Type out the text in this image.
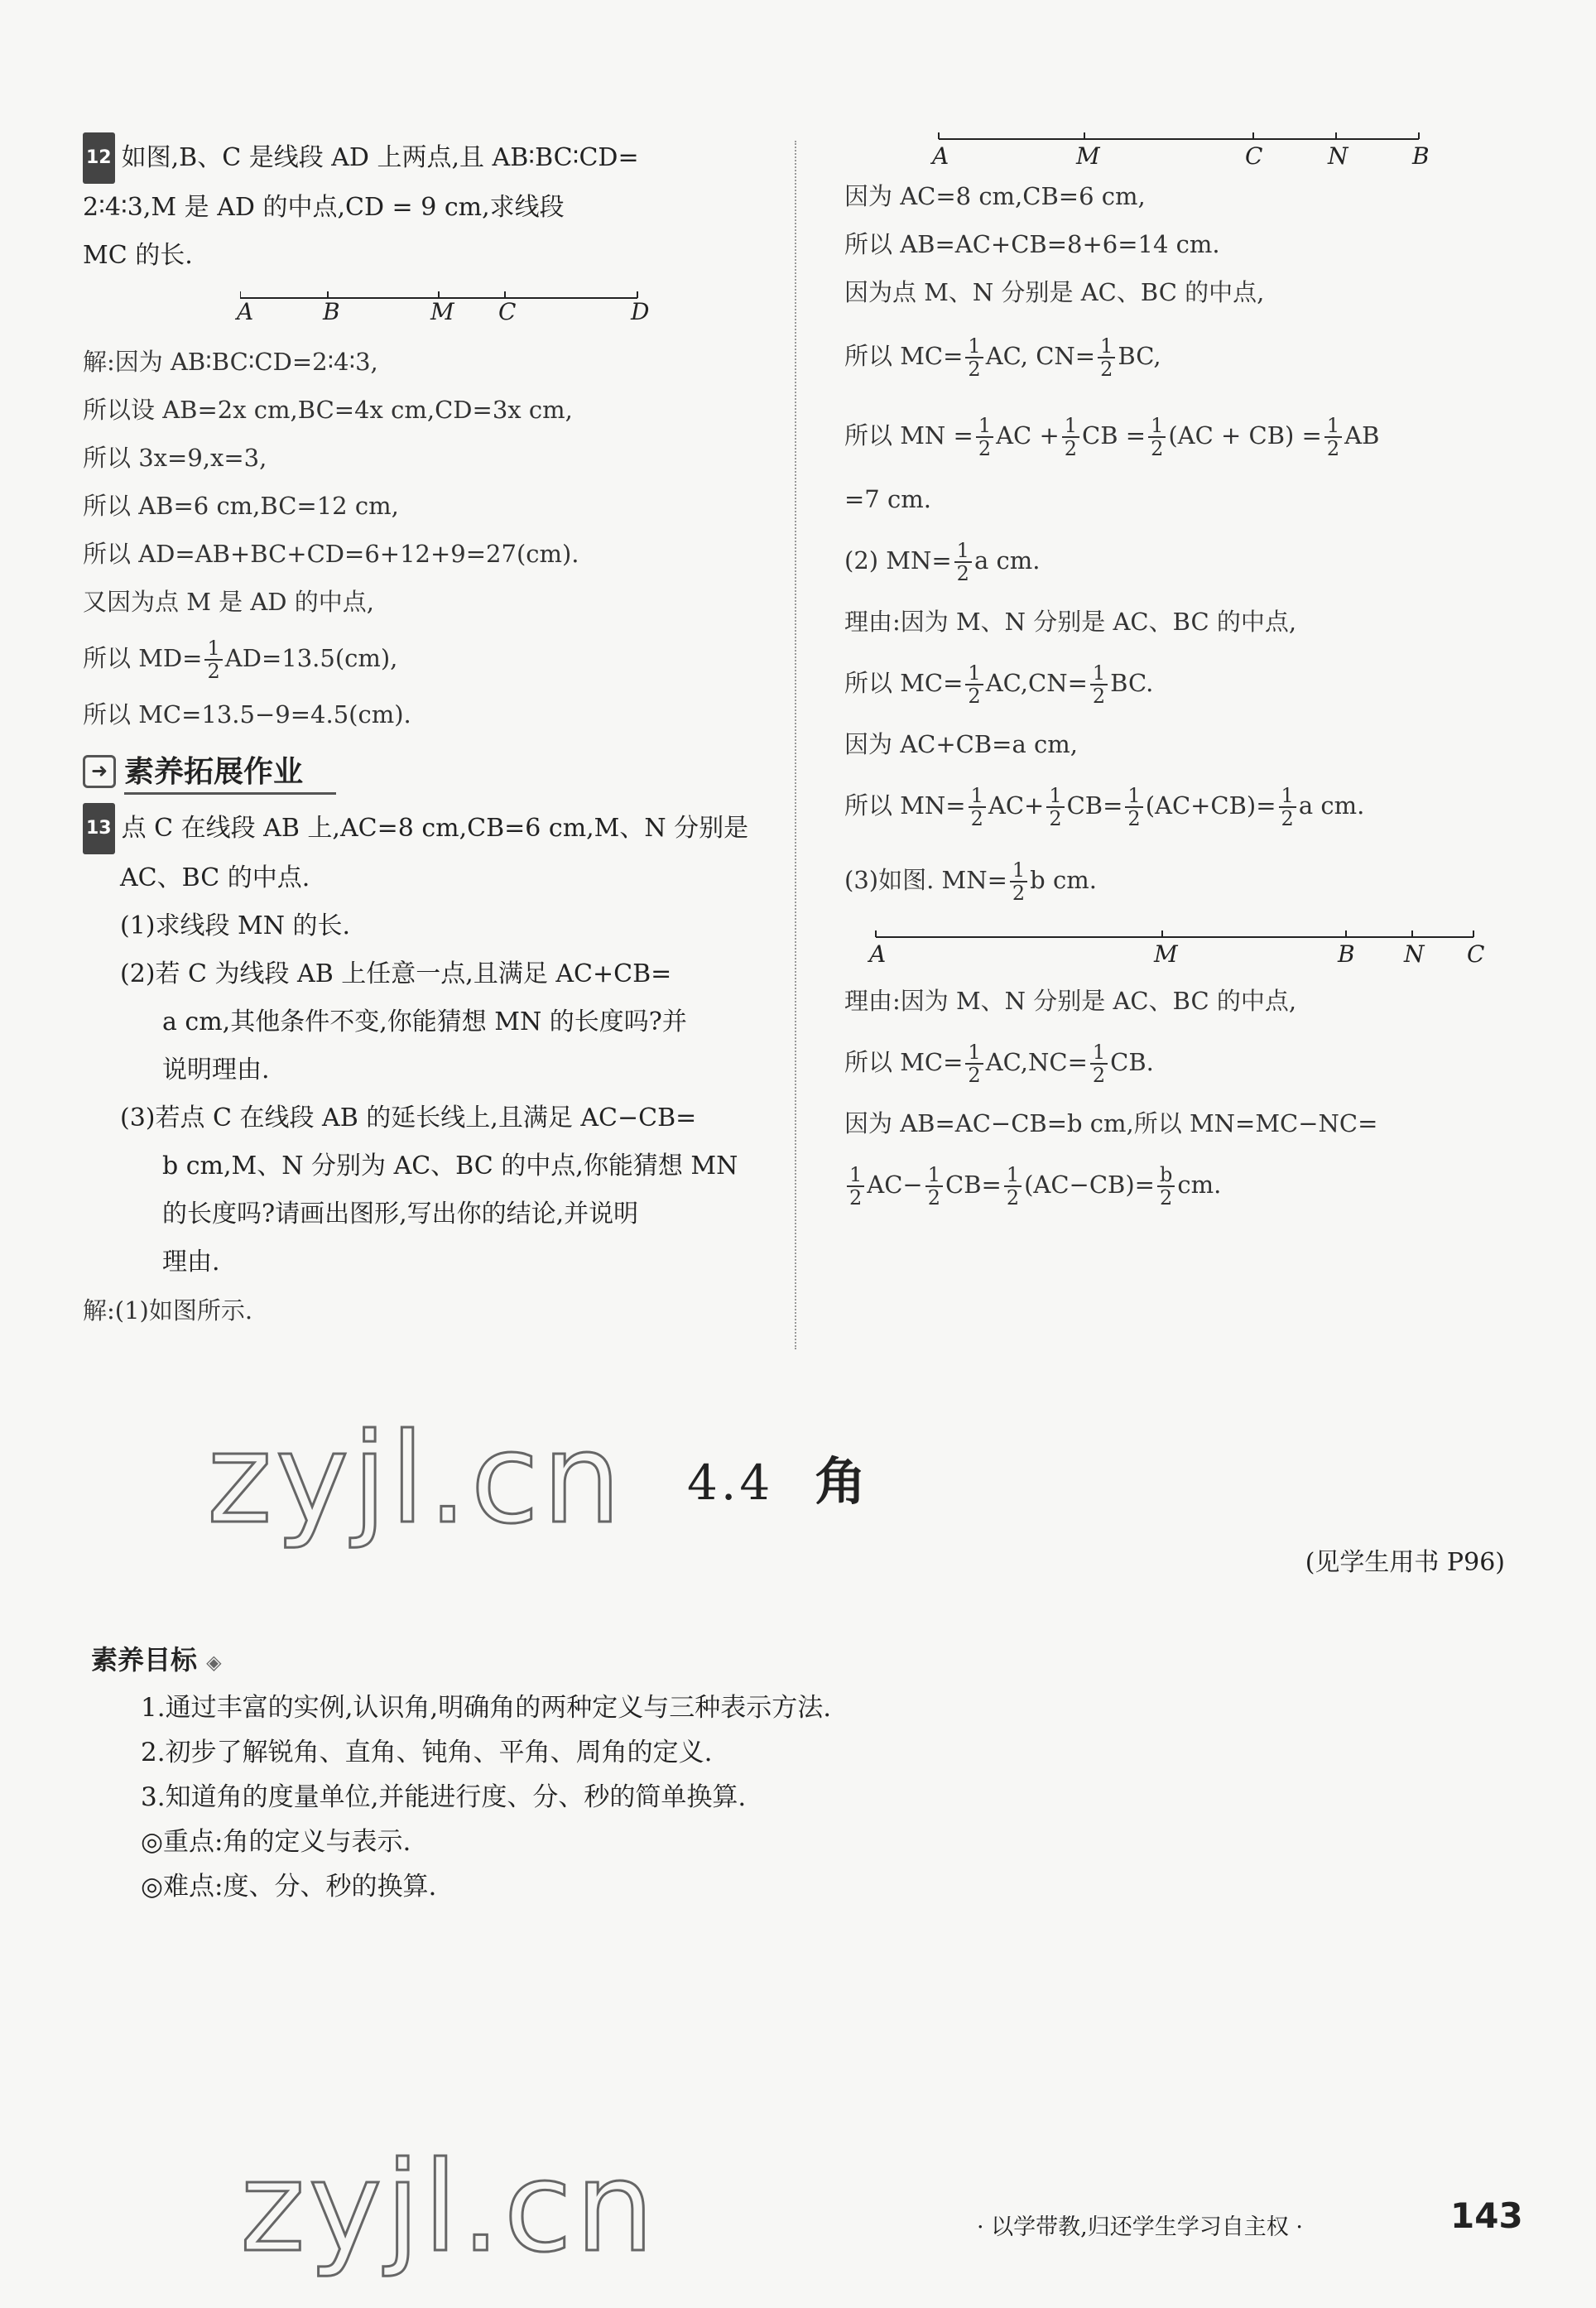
12 如图,B、C 是线段 AD 上两点,且 AB∶BC∶CD=
2∶4∶3,M 是 AD 的中点,CD = 9 cm,求线段
MC 的长.
A	B	M C	D
解:因为 AB∶BC∶CD=2∶4∶3,
所以设 AB=2x cm,BC=4x cm,CD=3x cm,
所以 3x=9,x=3,
所以 AB=6 cm,BC=12 cm,
所以 AD=AB+BC+CD=6+12+9=27(cm).
又因为点 M 是 AD 的中点,
所以 $MD= \frac{1}{2} AD=13.5(cm)$,
所以 MC=13.5−9=4.5(cm).
➜ 素养拓展作业
13 点 C 在线段 AB 上,AC=8 cm,CB=6 cm,M、N 分别是
AC、BC 的中点.
(1)求线段 MN 的长.
(2)若 C 为线段 AB 上任意一点,且满足 AC+CB=
a cm,其他条件不变,你能猜想 MN 的长度吗?并
说明理由.
(3)若点 C 在线段 AB 的延长线上,且满足 AC−CB=
b cm,M、N 分别为 AC、BC 的中点,你能猜想 MN
的长度吗?请画出图形,写出你的结论,并说明
理由.
解:(1)如图所示.
A	M	C	N	B
因为 AC=8 cm,CB=6 cm,
所以 AB=AC+CB=8+6=14 cm.
因为点 M、N 分别是 AC、BC 的中点,
所以 $MC= \frac{1}{2}$ AC, $CN= \frac{1}{2}$ BC,
所以 MN = $\frac{1}{2}$ AC + $\frac{1}{2}$ CB = $\frac{1}{2} (AC + CB) = \frac{1}{2}$ AB
=7 cm.
(2) $MN= \frac{1}{2}$ a cm.
理由:因为 M、N 分别是 AC、BC 的中点,
所以 $MC= \frac{1}{2} AC,CN= \frac{1}{2}$ BC.
因为 AC+CB=a cm,
所以 $MN= \frac{1}{2} AC+ \frac{1}{2} CB= \frac{1}{2} (AC+CB)= \frac{1}{2}$ a cm.
(3)如图. $MN= \frac{1}{2}$ b cm.
A	M	B N C
理由:因为 M、N 分别是 AC、BC 的中点,
所以 $MC= \frac{1}{2} AC,NC= \frac{1}{2}$ CB.
因为 AB=AC−CB=b cm,所以 MN=MC−NC=
$\frac{1}{2} AC- \frac{1}{2} CB= \frac{1}{2} (AC-CB)= \frac{b}{2}$ cm.
4.4 角
zyjl.cn
zyjl.cn
(见学生用书 P96)
素养目标 ◈
1.通过丰富的实例,认识角,明确角的两种定义与三种表示方法.
2.初步了解锐角、直角、钝角、平角、周角的定义.
3.知道角的度量单位,并能进行度、分、秒的简单换算.
◎重点:角的定义与表示.
◎难点:度、分、秒的换算.
· 以学带教,归还学生学习自主权 ·	143
